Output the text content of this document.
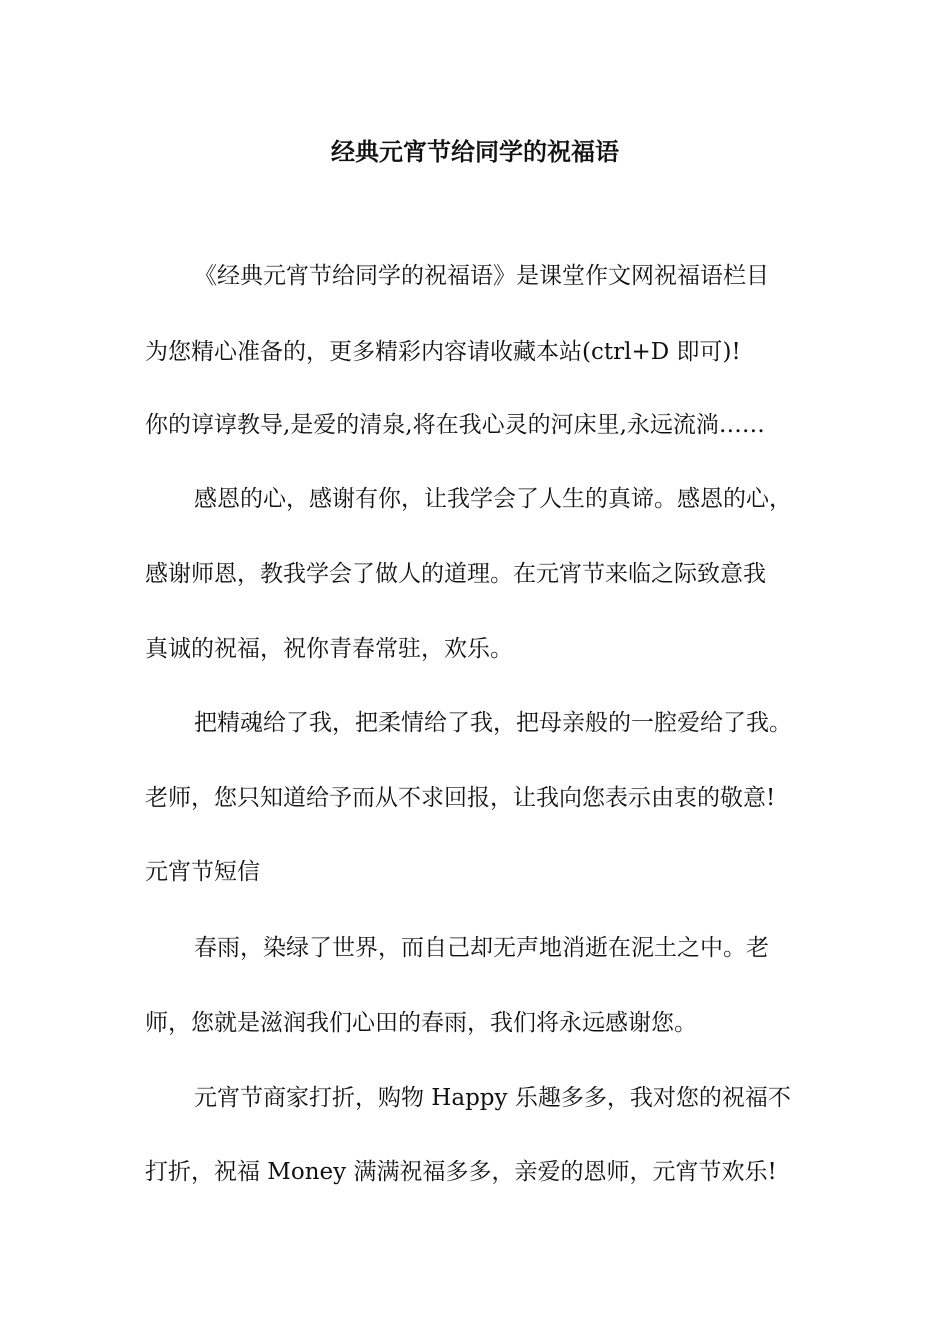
经典元宵节给同学的祝福语
《经典元宵节给同学的祝福语》是课堂作文网祝福语栏目
为您精心准备的，更多精彩内容请收藏本站(ctrl+D 即可)!
你的谆谆教导,是爱的清泉,将在我心灵的河床里,永远流淌……
感恩的心，感谢有你，让我学会了人生的真谛。感恩的心，
感谢师恩，教我学会了做人的道理。在元宵节来临之际致意我
真诚的祝福，祝你青春常驻，欢乐。
把精魂给了我，把柔情给了我，把母亲般的一腔爱给了我。
老师，您只知道给予而从不求回报，让我向您表示由衷的敬意!
元宵节短信
春雨，染绿了世界，而自己却无声地消逝在泥土之中。老
师，您就是滋润我们心田的春雨，我们将永远感谢您。
元宵节商家打折，购物 Happy 乐趣多多，我对您的祝福不
打折，祝福 Money 满满祝福多多，亲爱的恩师，元宵节欢乐!
